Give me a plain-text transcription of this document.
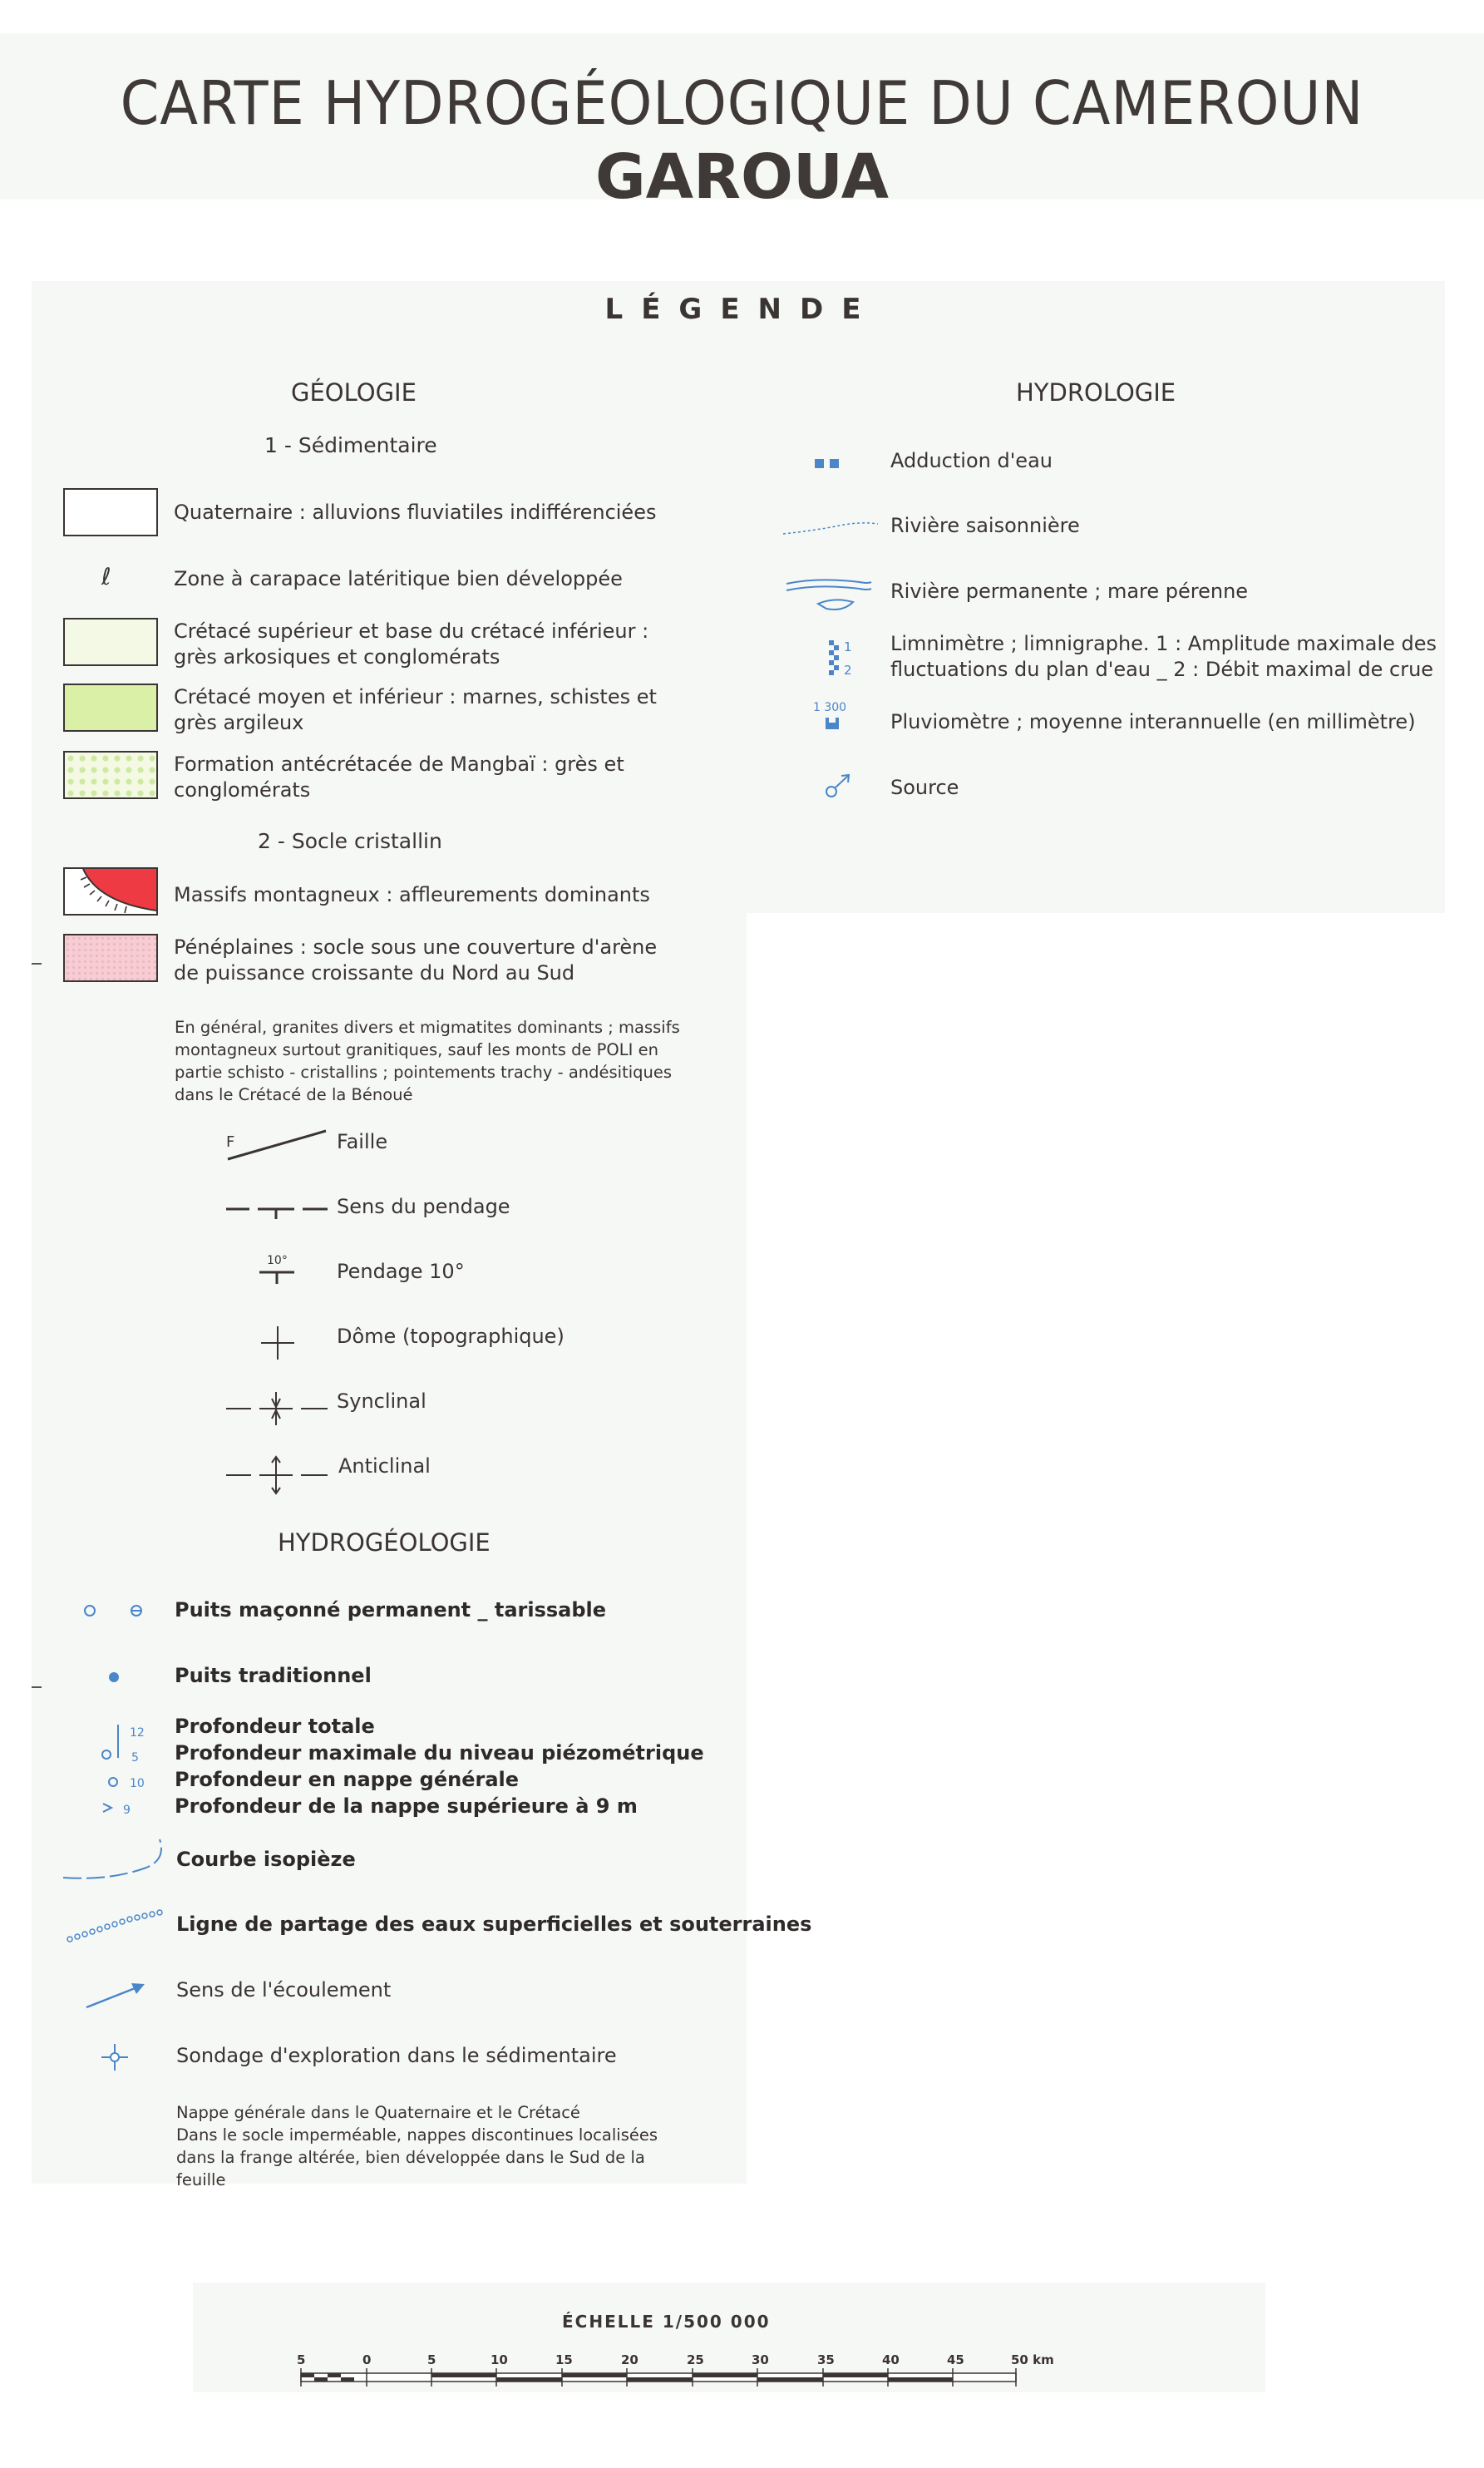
CARTE HYDROGÉOLOGIQUE DU CAMEROUN
GAROUA
LÉGENDE
GÉOLOGIE
1 - Sédimentaire
Quaternaire : alluvions fluviatiles indifférenciées
ℓ	Zone à carapace latéritique bien développée
Crétacé supérieur et base du crétacé inférieur :
grès arkosiques et conglomérats
Crétacé moyen et inférieur : marnes, schistes et
grès argileux
Formation antécrétacée de Mangbaï : grès et
conglomérats
2 - Socle cristallin
Massifs montagneux : affleurements dominants
Pénéplaines : socle sous une couverture d'arène
de puissance croissante du Nord au Sud
En général, granites divers et migmatites dominants ; massifs
montagneux surtout granitiques, sauf les monts de POLI en
partie schisto - cristallins ; pointements trachy - andésitiques
dans le Crétacé de la Bénoué
F	Faille
Sens du pendage
10° Pendage 10°
Dôme (topographique)
Synclinal
Anticlinal
HYDROGÉOLOGIE
Puits maçonné permanent _ tarissable
Puits traditionnel
12
5
10
9
Profondeur totale
Profondeur maximale du niveau piézométrique
Profondeur en nappe générale
Profondeur de la nappe supérieure à 9 m
Courbe isopièze
Ligne de partage des eaux superficielles et souterraines
Sens de l'écoulement
Sondage d'exploration dans le sédimentaire
Nappe générale dans le Quaternaire et le Crétacé
Dans le socle imperméable, nappes discontinues localisées
dans la frange altérée, bien développée dans le Sud de la
feuille
HYDROLOGIE
Adduction d'eau
Rivière saisonnière
Rivière permanente ; mare pérenne
1
2
Limnimètre ; limnigraphe. 1 : Amplitude maximale des
fluctuations du plan d'eau _ 2 : Débit maximal de crue
1 300
Pluviomètre ; moyenne interannuelle (en millimètre)
Source
ÉCHELLE 1/500 000
5	0	5	10	15	20	25	30	35	40	45	50 km
